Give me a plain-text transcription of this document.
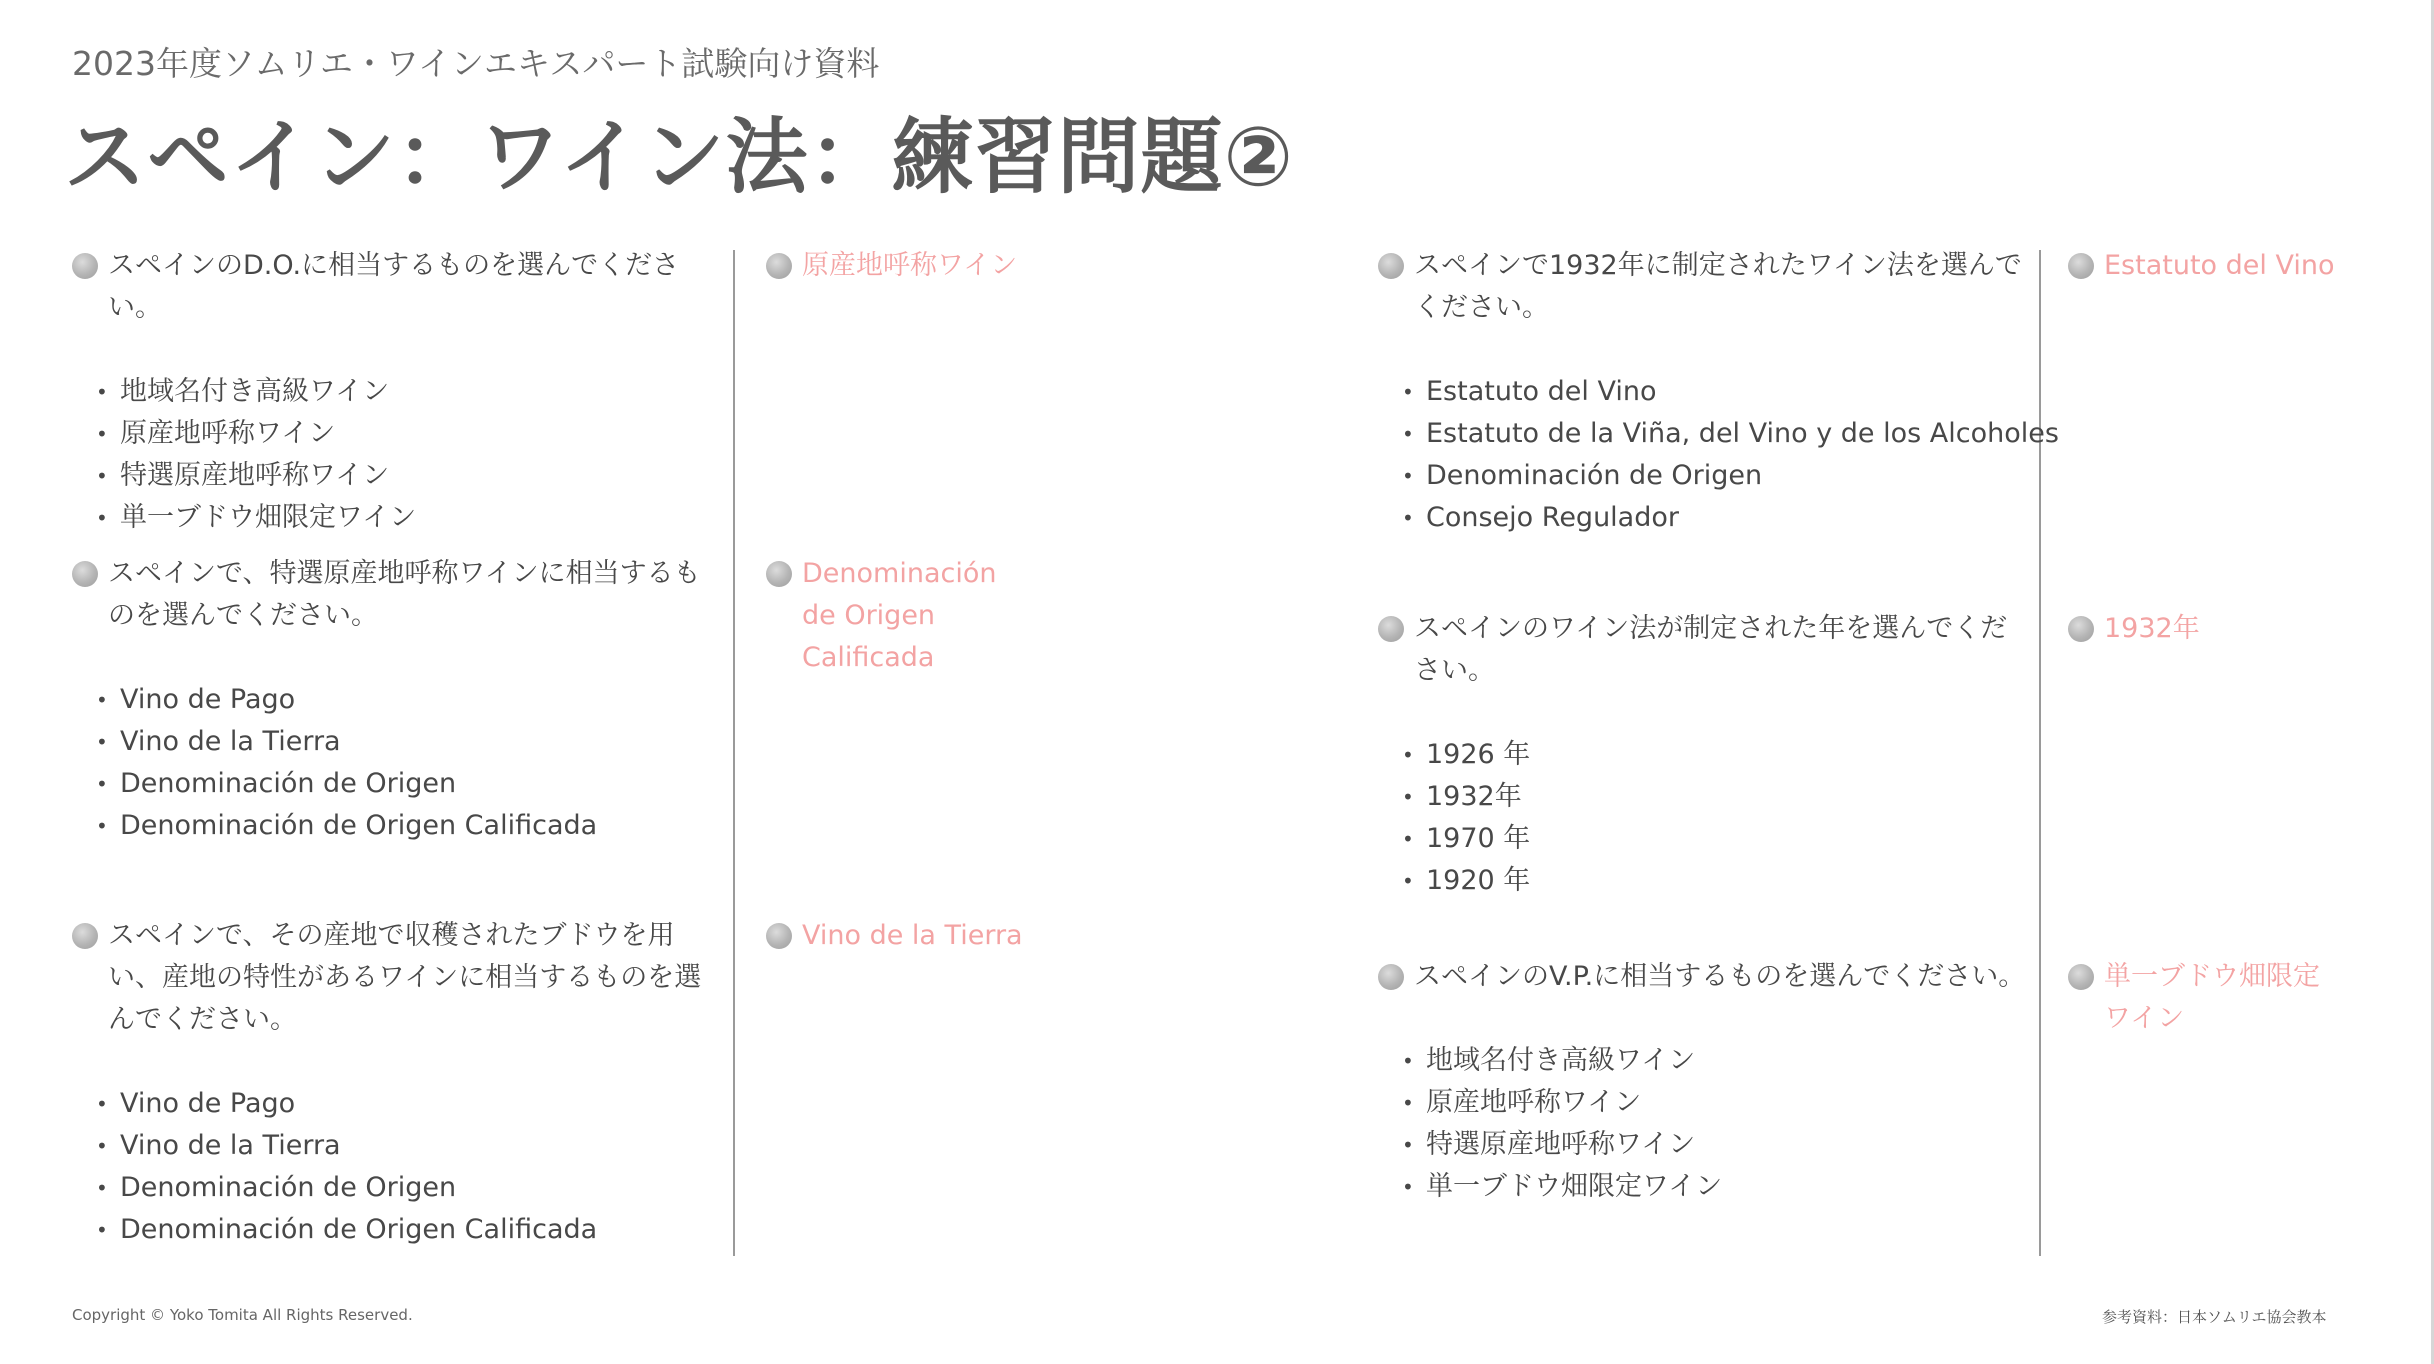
2023年度ソムリエ・ワインエキスパート試験向け資料
スペイン：ワイン法：練習問題②
スペインのD.O.に相当するものを選んでください。
• 地域名付き高級ワイン
• 原産地呼称ワイン
• 特選原産地呼称ワイン
• 単一ブドウ畑限定ワイン
原産地呼称ワイン
スペインで、特選原産地呼称ワインに相当するものを選んでください。
• Vino de Pago
• Vino de la Tierra
• Denominación de Origen
• Denominación de Origen Calificada
Denominación de Origen Calificada
スペインで、その産地で収穫されたブドウを用い、産地の特性があるワインに相当するものを選んでください。
• Vino de Pago
• Vino de la Tierra
• Denominación de Origen
• Denominación de Origen Calificada
Vino de la Tierra
スペインで1932年に制定されたワイン法を選んでください。
• Estatuto del Vino
• Estatuto de la Viña, del Vino y de los Alcoholes
• Denominación de Origen
• Consejo Regulador
Estatuto del Vino
スペインのワイン法が制定された年を選んでください。
• 1926 年
• 1932年
• 1970 年
• 1920 年
1932年
スペインのV.P.に相当するものを選んでください。
• 地域名付き高級ワイン
• 原産地呼称ワイン
• 特選原産地呼称ワイン
• 単一ブドウ畑限定ワイン
単一ブドウ畑限定ワイン
Copyright © Yoko Tomita All Rights Reserved.	参考資料：日本ソムリエ協会教本
